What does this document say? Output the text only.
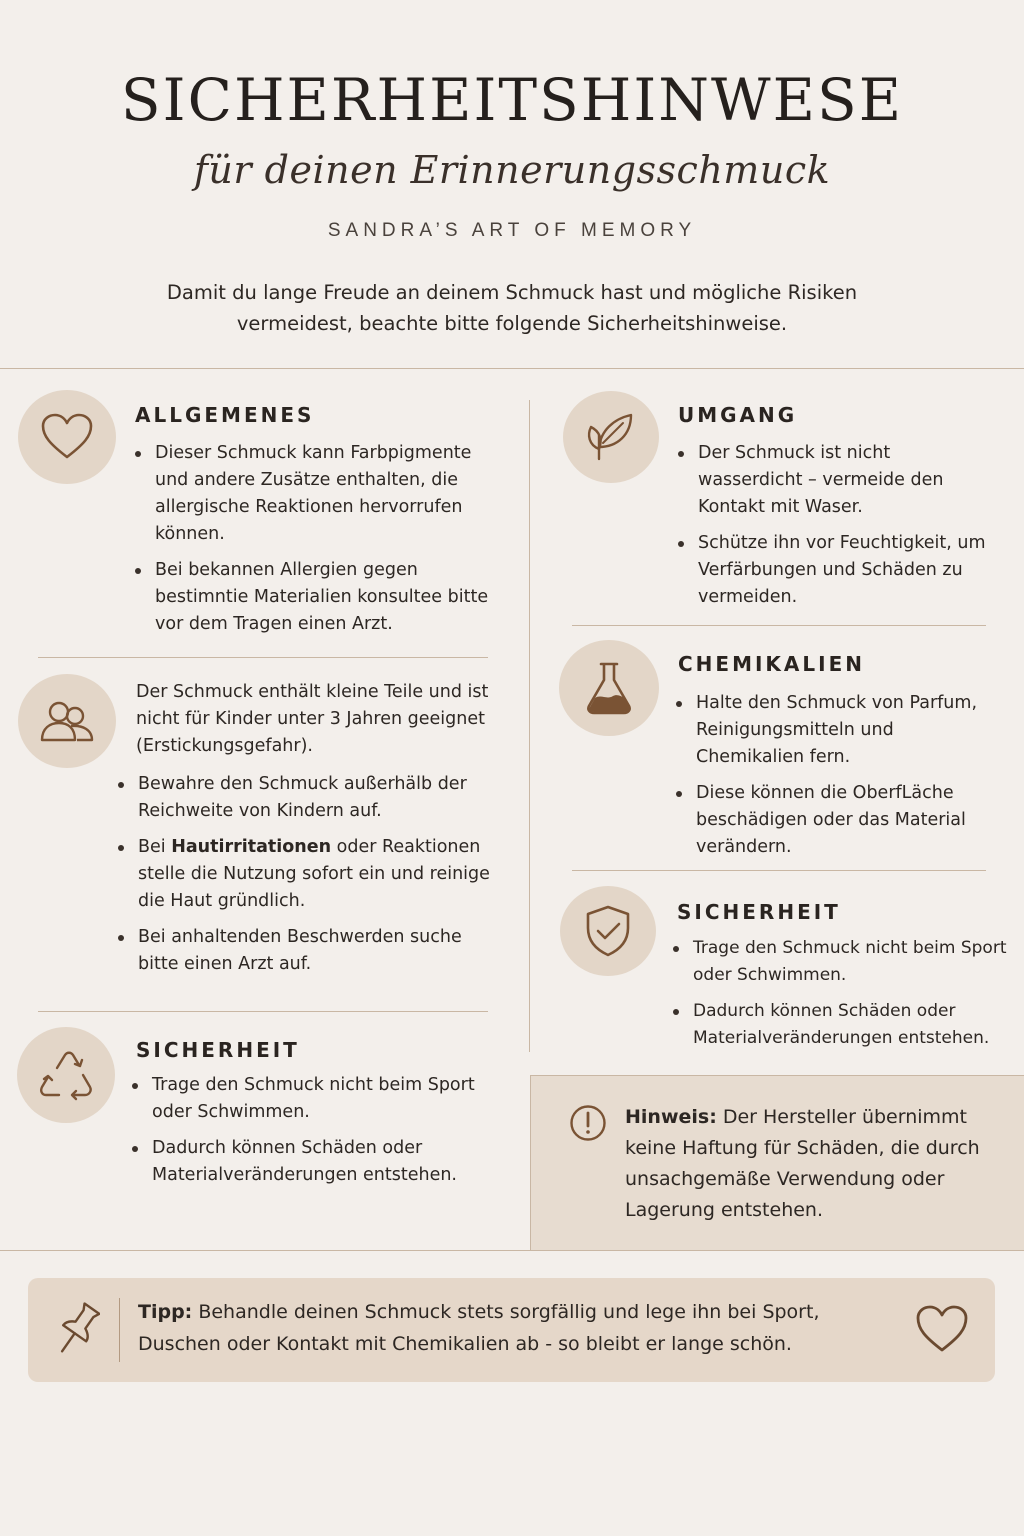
SICHERHEITSHINWESE
für deinen Erinnerungsschmuck
SANDRA’S ART OF MEMORY
Damit du lange Freude an deinem Schmuck hast und mögliche Risiken vermeidest, beachte bitte folgende Sicherheitshinweise.
ALLGEMENES
Dieser Schmuck kann Farbpigmente und andere Zusätze enthalten, die allergische Reaktionen hervorrufen können.
Bei bekannen Allergien gegen bestimntie Materialien konsultee bitte vor dem Tragen einen Arzt.
Der Schmuck enthält kleine Teile und ist nicht für Kinder unter 3 Jahren geeignet (Erstickungsgefahr).
Bewahre den Schmuck außerhälb der Reichweite von Kindern auf.
Bei Hautirritationen oder Reaktionen stelle die Nutzung sofort ein und reinige die Haut gründlich.
Bei anhaltenden Beschwerden suche bitte einen Arzt auf.
SICHERHEIT
Trage den Schmuck nicht beim Sport oder Schwimmen.
Dadurch können Schäden oder Materialveränderungen entstehen.
UMGANG
Der Schmuck ist nicht wasserdicht – vermeide den Kontakt mit Waser.
Schütze ihn vor Feuchtigkeit, um Verfärbungen und Schäden zu vermeiden.
CHEMIKALIEN
Halte den Schmuck von Parfum, Reinigungsmitteln und Chemikalien fern.
Diese können die OberfLäche beschädigen oder das Material verändern.
SICHERHEIT
Trage den Schmuck nicht beim Sport oder Schwimmen.
Dadurch können Schäden oder Materialveränderungen entstehen.
Hinweis: Der Hersteller übernimmt keine Haftung für Schäden, die durch unsachgemäße Verwendung oder Lagerung entstehen.
Tipp: Behandle deinen Schmuck stets sorgfällig und lege ihn bei Sport, Duschen oder Kontakt mit Chemikalien ab - so bleibt er lange schön.
